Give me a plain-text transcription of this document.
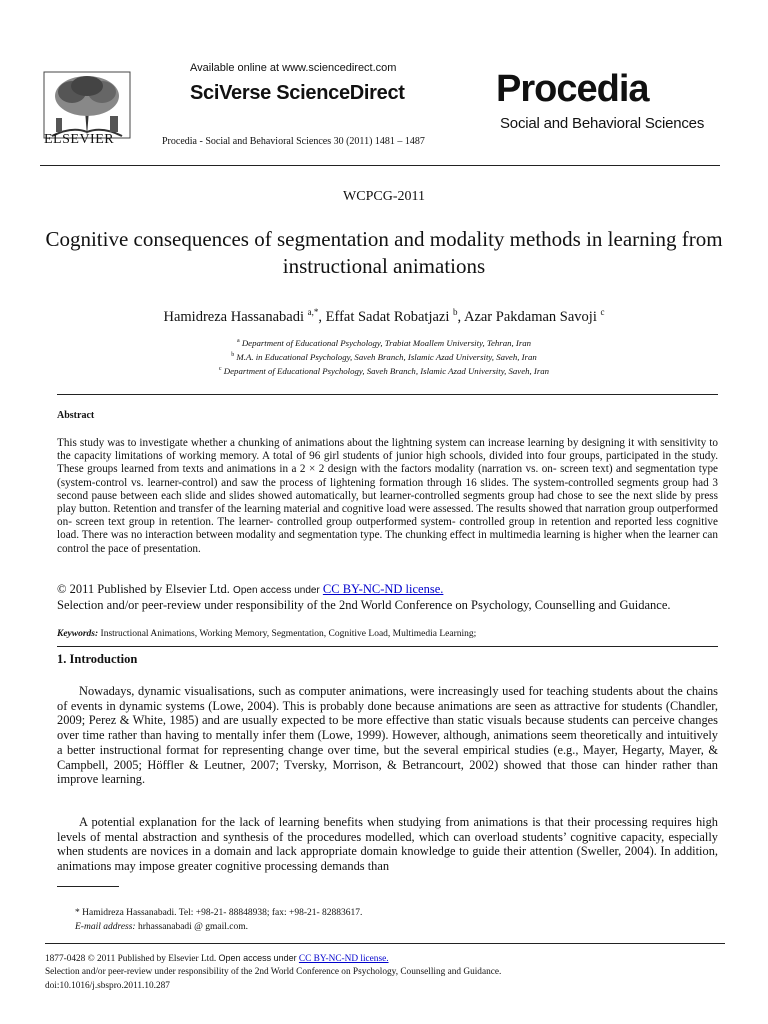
ELSEVIER
Available online at www.sciencedirect.com
SciVerse ScienceDirect
Procedia - Social and Behavioral Sciences 30 (2011) 1481 – 1487
Procedia
Social and Behavioral Sciences
WCPCG-2011
Cognitive consequences of segmentation and modality methods in learning from instructional animations
Hamidreza Hassanabadi $^{a,*}$, Effat Sadat Robatjazi $^b$, Azar Pakdaman Savoji $^c$
$^a$ Department of Educational Psychology, Trabiat Moallem University, Tehran, Iran
$^b$ M.A. in Educational Psychology, Saveh Branch, Islamic Azad University, Saveh, Iran
$^c$ Department of Educational Psychology, Saveh Branch, Islamic Azad University, Saveh, Iran
Abstract
This study was to investigate whether a chunking of animations about the lightning system can increase learning by designing it with sensitivity to the capacity limitations of working memory. A total of 96 girl students of junior high schools, divided into four groups, participated in the study. These groups learned from texts and animations in a 2 × 2 design with the factors modality (narration vs. on- screen text) and segmentation type (system-control vs. learner-control) and saw the process of lightening formation through 16 slides. The system-controlled segments group had 3 second pause between each slide and slides showed automatically, but learner-controlled segments group had chose to see the next slide by press play button. Retention and transfer of the learning material and cognitive load were assessed. The results showed that narration group outperformed on- screen text group in retention. The learner- controlled group outperformed system- controlled group in retention and reported less cognitive load. There was no interaction between modality and segmentation type. The chunking effect in multimedia learning is higher when the learner can control the pace of presentation.
© 2011 Published by Elsevier Ltd. Open access under CC BY-NC-ND license.
Selection and/or peer-review under responsibility of the 2nd World Conference on Psychology, Counselling and Guidance.
Keywords: Instructional Animations, Working Memory, Segmentation, Cognitive Load, Multimedia Learning;
1. Introduction
Nowadays, dynamic visualisations, such as computer animations, were increasingly used for teaching students about the chains of events in dynamic systems (Lowe, 2004). This is probably done because animations are seen as attractive for students (Chandler, 2009; Perez & White, 1985) and are usually expected to be more effective than static visuals because students can perceive changes over time rather than having to mentally infer them (Lowe, 1999). However, although, animations seem theoretically and intuitively a better instructional format for representing change over time, but the several empirical studies (e.g., Mayer, Hegarty, Mayer, & Campbell, 2005; Höffler & Leutner, 2007; Tversky, Morrison, & Betrancourt, 2002) showed that those can hinder rather than improve learning.
A potential explanation for the lack of learning benefits when studying from animations is that their processing requires high levels of mental abstraction and synthesis of the procedures modelled, which can overload students’ cognitive capacity, especially when students are novices in a domain and lack appropriate domain knowledge to guide their attention (Sweller, 2004). In addition, animations may impose greater cognitive processing demands than
* Hamidreza Hassanabadi. Tel: +98-21- 88848938; fax: +98-21- 82883617.
E-mail address: hrhassanabadi @ gmail.com.
1877-0428 © 2011 Published by Elsevier Ltd. Open access under CC BY-NC-ND license.
Selection and/or peer-review under responsibility of the 2nd World Conference on Psychology, Counselling and Guidance.
doi:10.1016/j.sbspro.2011.10.287
